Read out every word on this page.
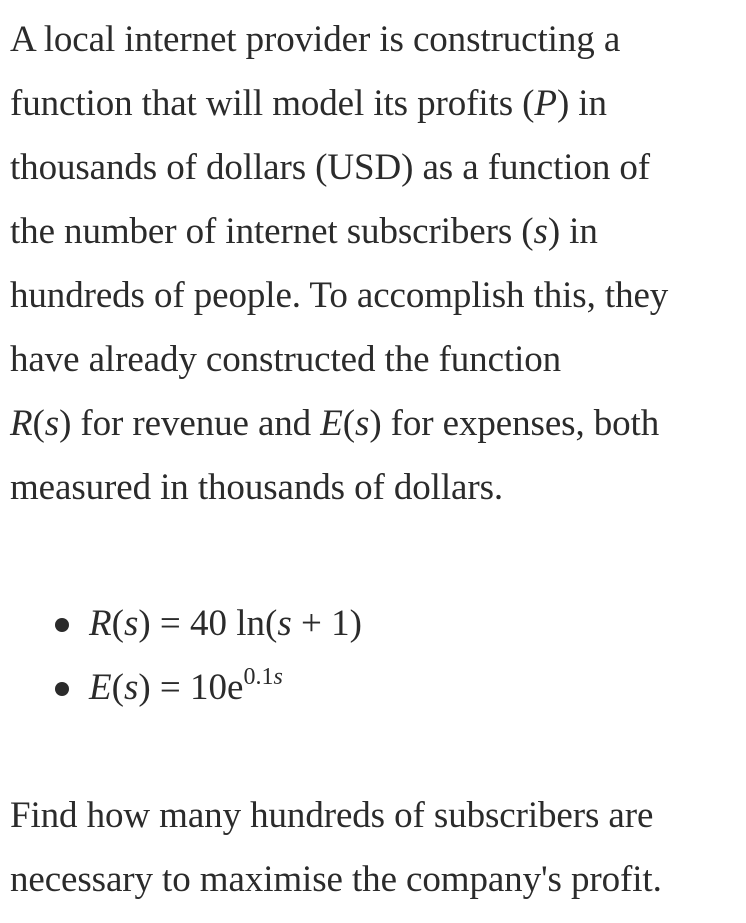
A local internet provider is constructing a
function that will model its profits (P) in
thousands of dollars (USD) as a function of
the number of internet subscribers (s) in
hundreds of people. To accomplish this, they
have already constructed the function
R(s) for revenue and E(s) for expenses, both
measured in thousands of dollars.
R(s) = 40 ln(s + 1)
$E(s) = 10e^{0.1s}$
Find how many hundreds of subscribers are
necessary to maximise the company's profit.
